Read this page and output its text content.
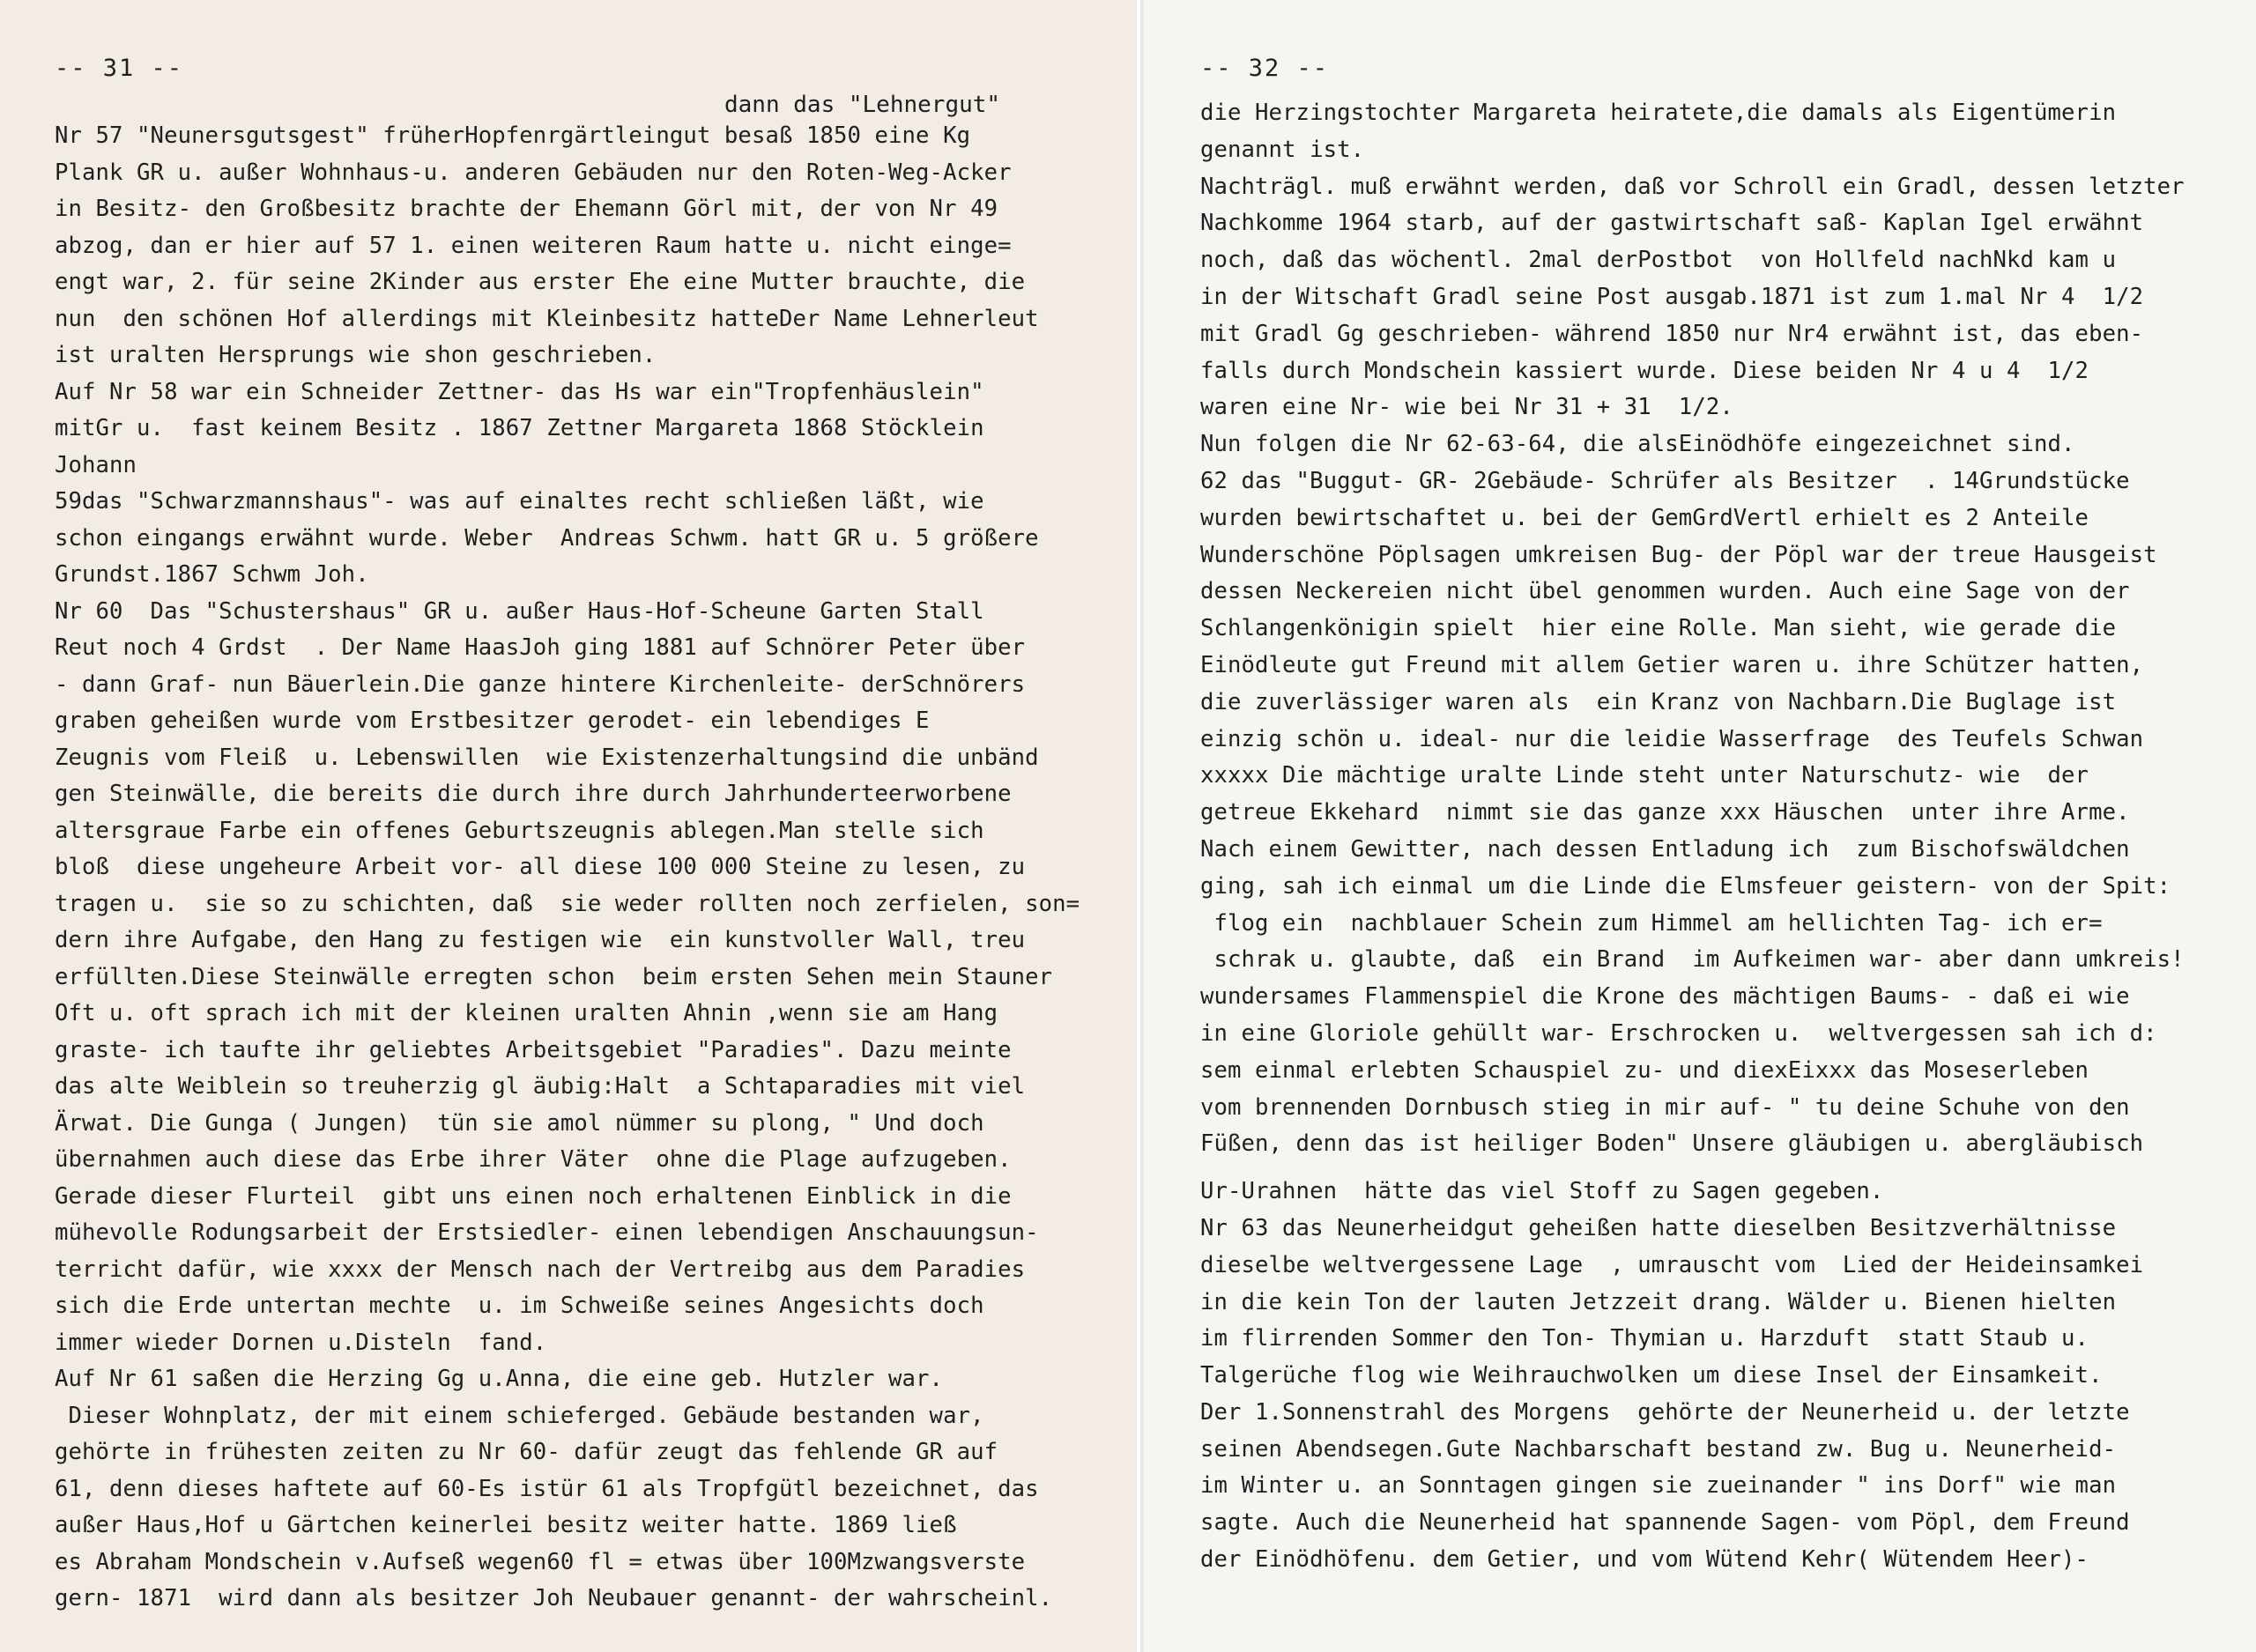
-- 31 --
dann das "Lehnergut"
Nr 57 "Neunersgutsgest" früherHopfenrgärtleingut besaß 1850 eine Kg
Plank GR u. außer Wohnhaus-u. anderen Gebäuden nur den Roten-Weg-Acker
in Besitz- den Großbesitz brachte der Ehemann Görl mit, der von Nr 49
abzog, dan er hier auf 57 1. einen weiteren Raum hatte u. nicht einge=
engt war, 2. für seine 2Kinder aus erster Ehe eine Mutter brauchte, die
nun  den schönen Hof allerdings mit Kleinbesitz hatteDer Name Lehnerleut
ist uralten Hersprungs wie shon geschrieben.
Auf Nr 58 war ein Schneider Zettner- das Hs war ein"Tropfenhäuslein"
mitGr u.  fast keinem Besitz . 1867 Zettner Margareta 1868 Stöcklein
Johann
59das "Schwarzmannshaus"- was auf einaltes recht schließen läßt, wie
schon eingangs erwähnt wurde. Weber  Andreas Schwm. hatt GR u. 5 größere
Grundst.1867 Schwm Joh.
Nr 60  Das "Schustershaus" GR u. außer Haus-Hof-Scheune Garten Stall
Reut noch 4 Grdst  . Der Name HaasJoh ging 1881 auf Schnörer Peter über
- dann Graf- nun Bäuerlein.Die ganze hintere Kirchenleite- derSchnörers
graben geheißen wurde vom Erstbesitzer gerodet- ein lebendiges E
Zeugnis vom Fleiß  u. Lebenswillen  wie Existenzerhaltungsind die unbänd
gen Steinwälle, die bereits die durch ihre durch Jahrhunderteerworbene
altersgraue Farbe ein offenes Geburtszeugnis ablegen.Man stelle sich
bloß  diese ungeheure Arbeit vor- all diese 100 000 Steine zu lesen, zu
tragen u.  sie so zu schichten, daß  sie weder rollten noch zerfielen, son=
dern ihre Aufgabe, den Hang zu festigen wie  ein kunstvoller Wall, treu
erfüllten.Diese Steinwälle erregten schon  beim ersten Sehen mein Stauner
Oft u. oft sprach ich mit der kleinen uralten Ahnin ,wenn sie am Hang
graste- ich taufte ihr geliebtes Arbeitsgebiet "Paradies". Dazu meinte
das alte Weiblein so treuherzig gl äubig:Halt  a Schtaparadies mit viel
Ärwat. Die Gunga ( Jungen)  tün sie amol nümmer su plong, " Und doch
übernahmen auch diese das Erbe ihrer Väter  ohne die Plage aufzugeben.
Gerade dieser Flurteil  gibt uns einen noch erhaltenen Einblick in die
mühevolle Rodungsarbeit der Erstsiedler- einen lebendigen Anschauungsun-
terricht dafür, wie xxxx der Mensch nach der Vertreibg aus dem Paradies
sich die Erde untertan mechte  u. im Schweiße seines Angesichts doch
immer wieder Dornen u.Disteln  fand.
Auf Nr 61 saßen die Herzing Gg u.Anna, die eine geb. Hutzler war.
Dieser Wohnplatz, der mit einem schieferged. Gebäude bestanden war,
gehörte in frühesten zeiten zu Nr 60- dafür zeugt das fehlende GR auf
61, denn dieses haftete auf 60-Es istür 61 als Tropfgütl bezeichnet, das
außer Haus,Hof u Gärtchen keinerlei besitz weiter hatte. 1869 ließ
es Abraham Mondschein v.Aufseß wegen60 fl = etwas über 100Mzwangsverste
gern- 1871  wird dann als besitzer Joh Neubauer genannt- der wahrscheinl.
-- 32 --
die Herzingstochter Margareta heiratete,die damals als Eigentümerin
genannt ist.
Nachträgl. muß erwähnt werden, daß vor Schroll ein Gradl, dessen letzter
Nachkomme 1964 starb, auf der gastwirtschaft saß- Kaplan Igel erwähnt
noch, daß das wöchentl. 2mal derPostbot  von Hollfeld nachNkd kam u
in der Witschaft Gradl seine Post ausgab.1871 ist zum 1.mal Nr 4  1/2
mit Gradl Gg geschrieben- während 1850 nur Nr4 erwähnt ist, das eben-
falls durch Mondschein kassiert wurde. Diese beiden Nr 4 u 4  1/2
waren eine Nr- wie bei Nr 31 + 31  1/2.
Nun folgen die Nr 62-63-64, die alsEinödhöfe eingezeichnet sind.
62 das "Buggut- GR- 2Gebäude- Schrüfer als Besitzer  . 14Grundstücke
wurden bewirtschaftet u. bei der GemGrdVertl erhielt es 2 Anteile
Wunderschöne Pöplsagen umkreisen Bug- der Pöpl war der treue Hausgeist
dessen Neckereien nicht übel genommen wurden. Auch eine Sage von der
Schlangenkönigin spielt  hier eine Rolle. Man sieht, wie gerade die
Einödleute gut Freund mit allem Getier waren u. ihre Schützer hatten,
die zuverlässiger waren als  ein Kranz von Nachbarn.Die Buglage ist
einzig schön u. ideal- nur die leidie Wasserfrage  des Teufels Schwan
xxxxx Die mächtige uralte Linde steht unter Naturschutz- wie  der
getreue Ekkehard  nimmt sie das ganze xxx Häuschen  unter ihre Arme.
Nach einem Gewitter, nach dessen Entladung ich  zum Bischofswäldchen
ging, sah ich einmal um die Linde die Elmsfeuer geistern- von der Spit:
flog ein  nachblauer Schein zum Himmel am hellichten Tag- ich er=
schrak u. glaubte, daß  ein Brand  im Aufkeimen war- aber dann umkreis!
wundersames Flammenspiel die Krone des mächtigen Baums- - daß ei wie
in eine Gloriole gehüllt war- Erschrocken u.  weltvergessen sah ich d:
sem einmal erlebten Schauspiel zu- und diexEixxx das Moseserleben
vom brennenden Dornbusch stieg in mir auf- " tu deine Schuhe von den
Füßen, denn das ist heiliger Boden" Unsere gläubigen u. abergläubisch
Ur-Urahnen  hätte das viel Stoff zu Sagen gegeben.
Nr 63 das Neunerheidgut geheißen hatte dieselben Besitzverhältnisse
dieselbe weltvergessene Lage  , umrauscht vom  Lied der Heideinsamkei
in die kein Ton der lauten Jetzzeit drang. Wälder u. Bienen hielten
im flirrenden Sommer den Ton- Thymian u. Harzduft  statt Staub u.
Talgerüche flog wie Weihrauchwolken um diese Insel der Einsamkeit.
Der 1.Sonnenstrahl des Morgens  gehörte der Neunerheid u. der letzte
seinen Abendsegen.Gute Nachbarschaft bestand zw. Bug u. Neunerheid-
im Winter u. an Sonntagen gingen sie zueinander " ins Dorf" wie man
sagte. Auch die Neunerheid hat spannende Sagen- vom Pöpl, dem Freund
der Einödhöfenu. dem Getier, und vom Wütend Kehr( Wütendem Heer)-
